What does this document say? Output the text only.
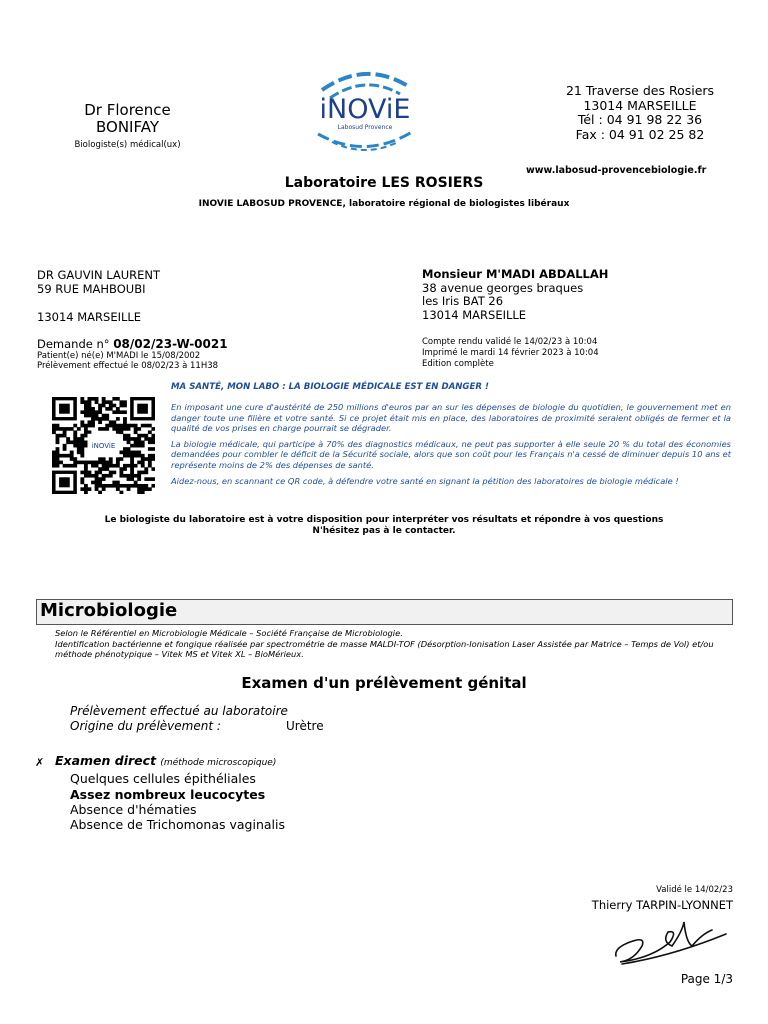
Dr Florence
BONIFAY
Biologiste(s) médical(ux)
iNOViE
Labosud Provence
21 Traverse des Rosiers
13014 MARSEILLE
Tél : 04 91 98 22 36
Fax : 04 91 02 25 82
www.labosud-provencebiologie.fr
Laboratoire LES ROSIERS
INOVIE LABOSUD PROVENCE, laboratoire régional de biologistes libéraux
DR GAUVIN LAURENT
59 RUE MAHBOUBI
13014 MARSEILLE
Monsieur M'MADI ABDALLAH
38 avenue georges braques
les Iris BAT 26
13014 MARSEILLE
Demande n° 08/02/23-W-0021
Patient(e) né(e) M'MADI le 15/08/2002
Prélèvement effectué le 08/02/23 à 11H38
Compte rendu validé le 14/02/23 à 10:04
Imprimé le mardi 14 février 2023 à 10:04
Edition complète
iNOViE

MA SANTÉ, MON LABO : LA BIOLOGIE MÉDICALE EST EN DANGER !

En imposant une cure d'austérité de 250 millions d'euros par an sur les dépenses de biologie du quotidien, le gouvernement met en danger toute une filière et votre santé. Si ce projet était mis en place, des laboratoires de proximité seraient obligés de fermer et la qualité de vos prises en charge pourrait se dégrader.

La biologie médicale, qui participe à 70% des diagnostics médicaux, ne peut pas supporter à elle seule 20 % du total des économies demandées pour combler le déficit de la Sécurité sociale, alors que son coût pour les Français n'a cessé de diminuer depuis 10 ans et représente moins de 2% des dépenses de santé.

Aidez-nous, en scannant ce QR code, à défendre votre santé en signant la pétition des laboratoires de biologie médicale !

Le biologiste du laboratoire est à votre disposition pour interpréter vos résultats et répondre à vos questions
N'hésitez pas à le contacter.
Microbiologie
Selon le Référentiel en Microbiologie Médicale – Société Française de Microbiologie.
Identification bactérienne et fongique réalisée par spectrométrie de masse MALDI-TOF (Désorption-Ionisation Laser Assistée par Matrice – Temps de Vol) et/ou méthode phénotypique – Vitek MS et Vitek XL – BioMérieux.
Examen d'un prélèvement génital
Prélèvement effectué au laboratoire
Origine du prélèvement :	Urètre
✗ Examen direct (méthode microscopique)
Quelques cellules épithéliales
Assez nombreux leucocytes
Absence d'hématies
Absence de Trichomonas vaginalis
Validé le 14/02/23
Thierry TARPIN-LYONNET
Page 1/3
